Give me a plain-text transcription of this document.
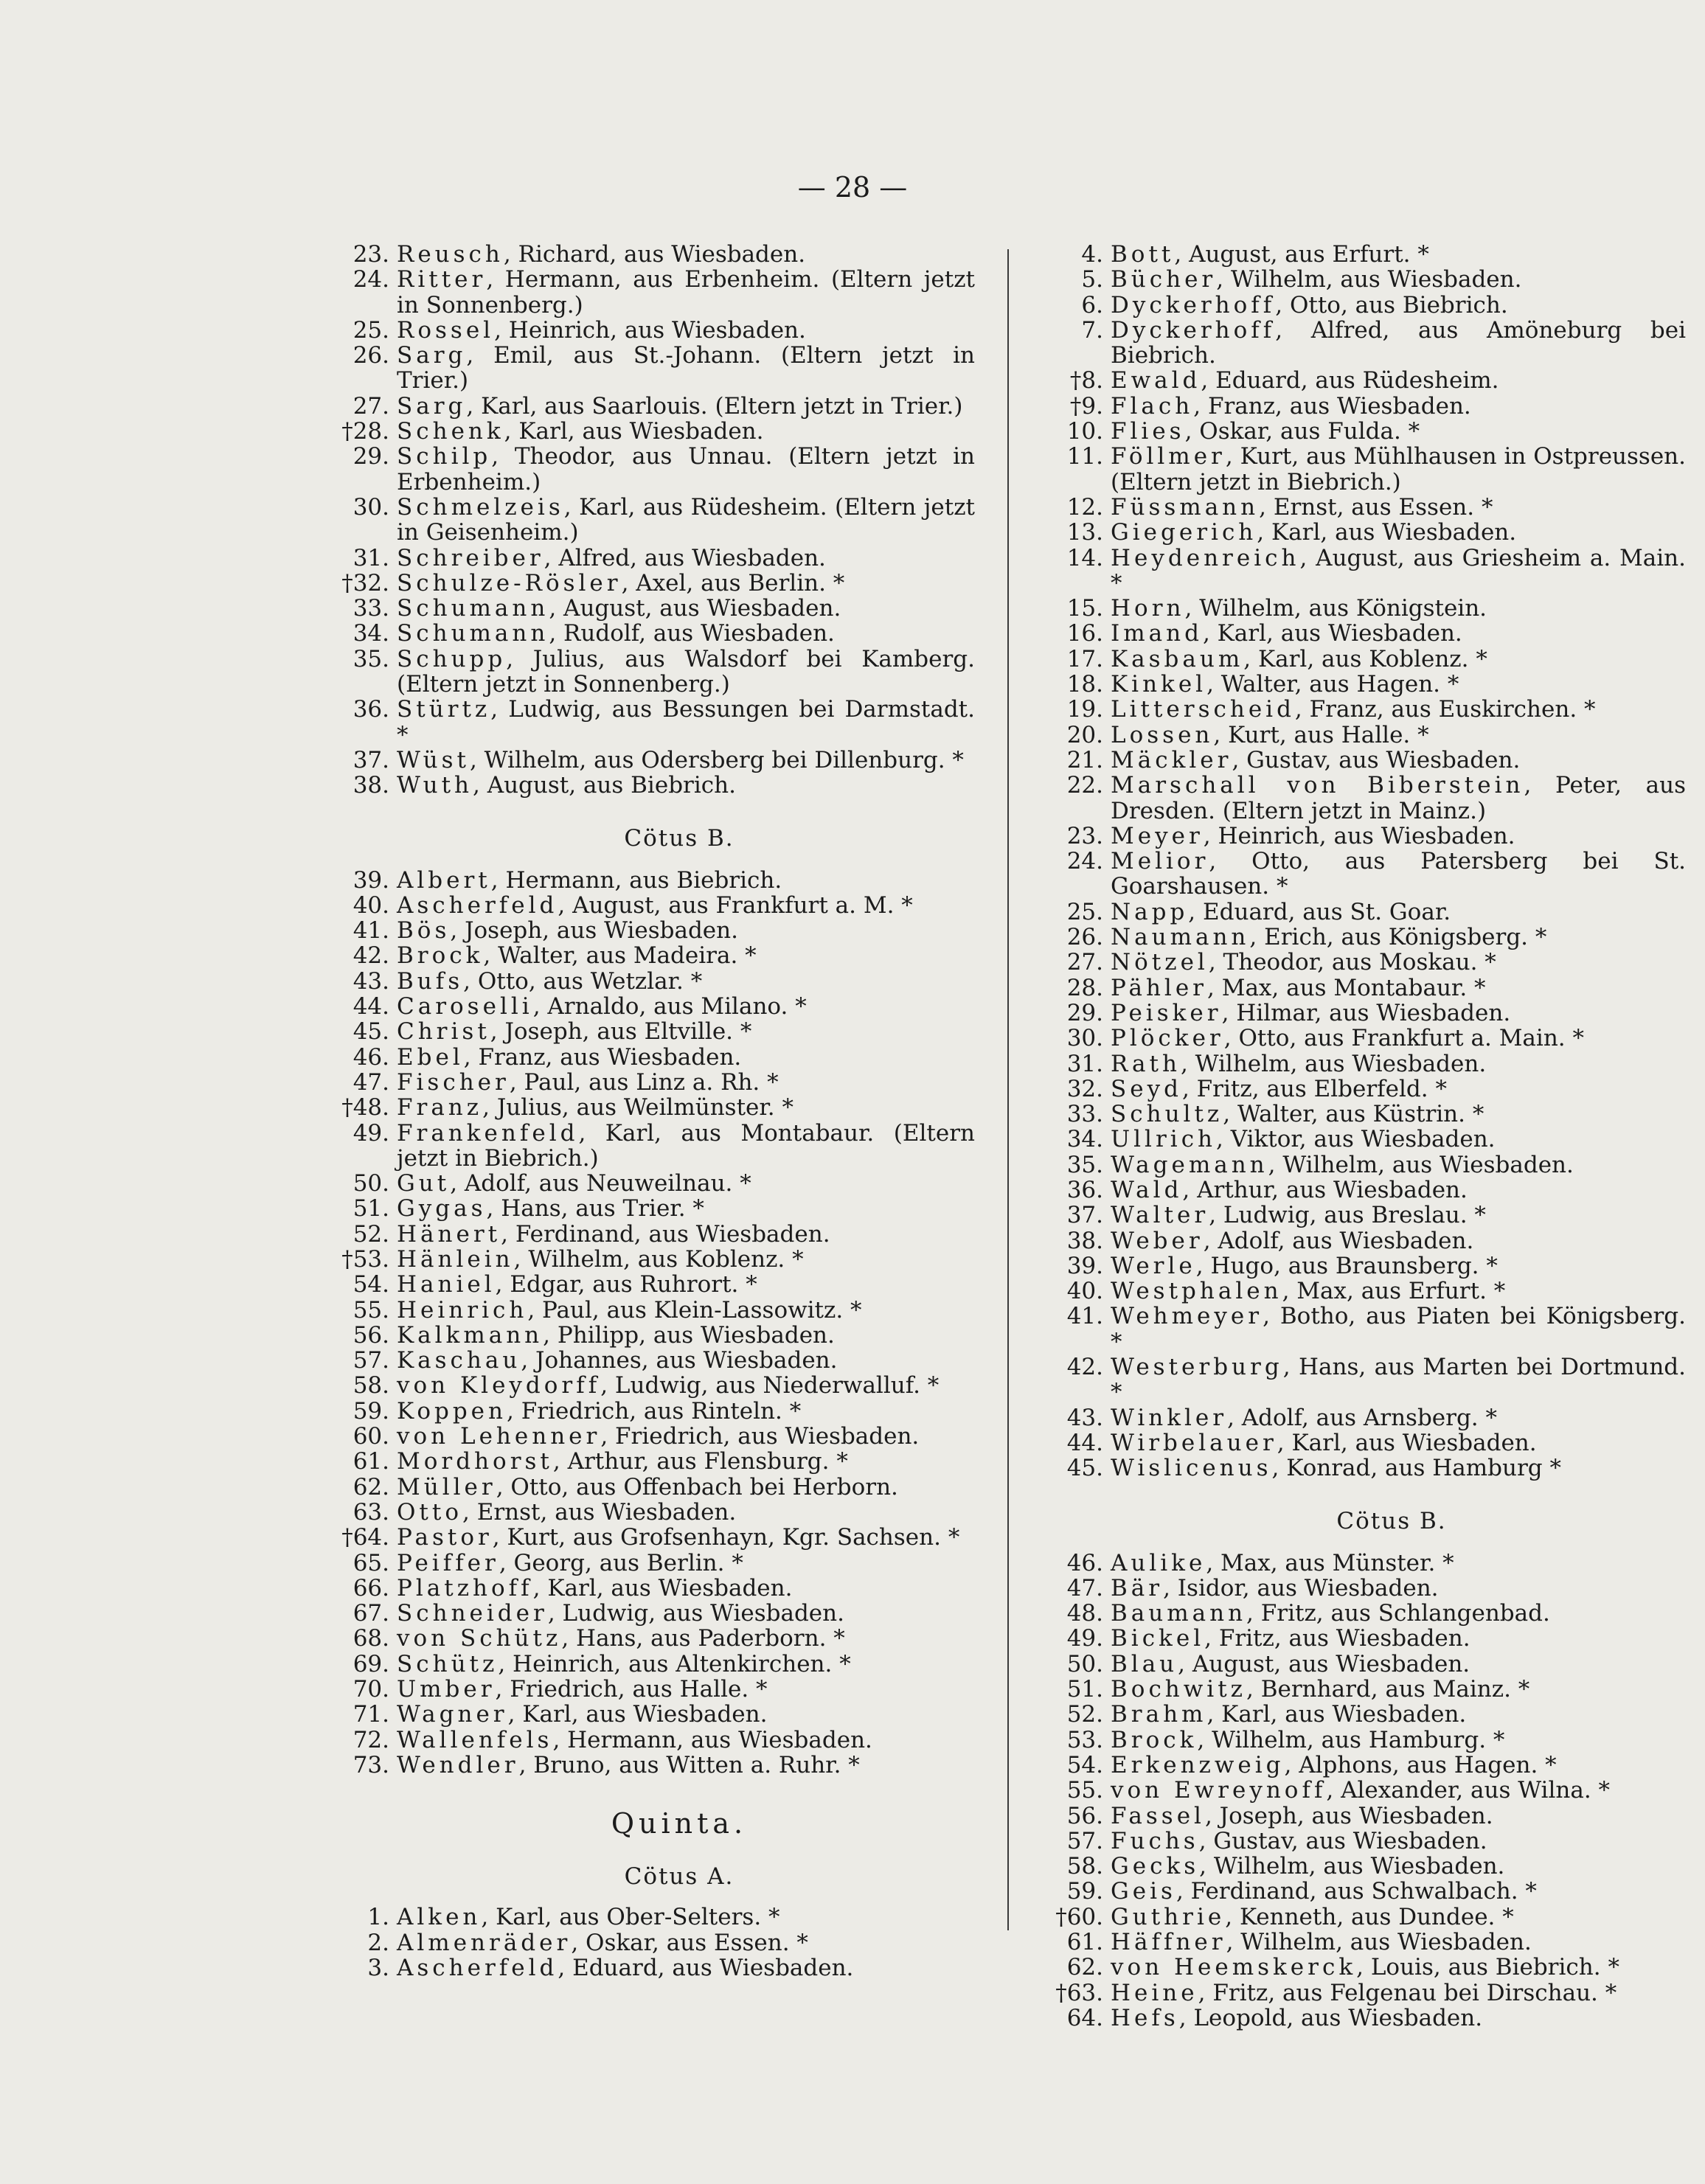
— 28 —
23. Reusch, Richard, aus Wiesbaden.
24. Ritter, Hermann, aus Erbenheim. (Eltern jetzt in Sonnenberg.)
25. Rossel, Heinrich, aus Wiesbaden.
26. Sarg, Emil, aus St.-Johann. (Eltern jetzt in Trier.)
27. Sarg, Karl, aus Saarlouis. (Eltern jetzt in Trier.)
†28. Schenk, Karl, aus Wiesbaden.
29. Schilp, Theodor, aus Unnau. (Eltern jetzt in Erbenheim.)
30. Schmelzeis, Karl, aus Rüdesheim. (Eltern jetzt in Geisenheim.)
31. Schreiber, Alfred, aus Wiesbaden.
†32. Schulze-Rösler, Axel, aus Berlin. *
33. Schumann, August, aus Wiesbaden.
34. Schumann, Rudolf, aus Wiesbaden.
35. Schupp, Julius, aus Walsdorf bei Kamberg. (Eltern jetzt in Sonnenberg.)
36. Stürtz, Ludwig, aus Bessungen bei Darmstadt. *
37. Wüst, Wilhelm, aus Odersberg bei Dillenburg. *
38. Wuth, August, aus Biebrich.
Cötus B.
39. Albert, Hermann, aus Biebrich.
40. Ascherfeld, August, aus Frankfurt a. M. *
41. Bös, Joseph, aus Wiesbaden.
42. Brock, Walter, aus Madeira. *
43. Bufs, Otto, aus Wetzlar. *
44. Caroselli, Arnaldo, aus Milano. *
45. Christ, Joseph, aus Eltville. *
46. Ebel, Franz, aus Wiesbaden.
47. Fischer, Paul, aus Linz a. Rh. *
†48. Franz, Julius, aus Weilmünster. *
49. Frankenfeld, Karl, aus Montabaur. (Eltern jetzt in Biebrich.)
50. Gut, Adolf, aus Neuweilnau. *
51. Gygas, Hans, aus Trier. *
52. Hänert, Ferdinand, aus Wiesbaden.
†53. Hänlein, Wilhelm, aus Koblenz. *
54. Haniel, Edgar, aus Ruhrort. *
55. Heinrich, Paul, aus Klein-Lassowitz. *
56. Kalkmann, Philipp, aus Wiesbaden.
57. Kaschau, Johannes, aus Wiesbaden.
58. von Kleydorff, Ludwig, aus Niederwalluf. *
59. Koppen, Friedrich, aus Rinteln. *
60. von Lehenner, Friedrich, aus Wiesbaden.
61. Mordhorst, Arthur, aus Flensburg. *
62. Müller, Otto, aus Offenbach bei Herborn.
63. Otto, Ernst, aus Wiesbaden.
†64. Pastor, Kurt, aus Grofsenhayn, Kgr. Sachsen. *
65. Peiffer, Georg, aus Berlin. *
66. Platzhoff, Karl, aus Wiesbaden.
67. Schneider, Ludwig, aus Wiesbaden.
68. von Schütz, Hans, aus Paderborn. *
69. Schütz, Heinrich, aus Altenkirchen. *
70. Umber, Friedrich, aus Halle. *
71. Wagner, Karl, aus Wiesbaden.
72. Wallenfels, Hermann, aus Wiesbaden.
73. Wendler, Bruno, aus Witten a. Ruhr. *
Quinta.
Cötus A.
1. Alken, Karl, aus Ober-Selters. *
2. Almenräder, Oskar, aus Essen. *
3. Ascherfeld, Eduard, aus Wiesbaden.
4. Bott, August, aus Erfurt. *
5. Bücher, Wilhelm, aus Wiesbaden.
6. Dyckerhoff, Otto, aus Biebrich.
7. Dyckerhoff, Alfred, aus Amöneburg bei Biebrich.
†8. Ewald, Eduard, aus Rüdesheim.
†9. Flach, Franz, aus Wiesbaden.
10. Flies, Oskar, aus Fulda. *
11. Föllmer, Kurt, aus Mühlhausen in Ostpreussen. (Eltern jetzt in Biebrich.)
12. Füssmann, Ernst, aus Essen. *
13. Giegerich, Karl, aus Wiesbaden.
14. Heydenreich, August, aus Griesheim a. Main. *
15. Horn, Wilhelm, aus Königstein.
16. Imand, Karl, aus Wiesbaden.
17. Kasbaum, Karl, aus Koblenz. *
18. Kinkel, Walter, aus Hagen. *
19. Litterscheid, Franz, aus Euskirchen. *
20. Lossen, Kurt, aus Halle. *
21. Mäckler, Gustav, aus Wiesbaden.
22. Marschall von Biberstein, Peter, aus Dresden. (Eltern jetzt in Mainz.)
23. Meyer, Heinrich, aus Wiesbaden.
24. Melior, Otto, aus Patersberg bei St. Goarshausen. *
25. Napp, Eduard, aus St. Goar.
26. Naumann, Erich, aus Königsberg. *
27. Nötzel, Theodor, aus Moskau. *
28. Pähler, Max, aus Montabaur. *
29. Peisker, Hilmar, aus Wiesbaden.
30. Plöcker, Otto, aus Frankfurt a. Main. *
31. Rath, Wilhelm, aus Wiesbaden.
32. Seyd, Fritz, aus Elberfeld. *
33. Schultz, Walter, aus Küstrin. *
34. Ullrich, Viktor, aus Wiesbaden.
35. Wagemann, Wilhelm, aus Wiesbaden.
36. Wald, Arthur, aus Wiesbaden.
37. Walter, Ludwig, aus Breslau. *
38. Weber, Adolf, aus Wiesbaden.
39. Werle, Hugo, aus Braunsberg. *
40. Westphalen, Max, aus Erfurt. *
41. Wehmeyer, Botho, aus Piaten bei Königsberg. *
42. Westerburg, Hans, aus Marten bei Dortmund. *
43. Winkler, Adolf, aus Arnsberg. *
44. Wirbelauer, Karl, aus Wiesbaden.
45. Wislicenus, Konrad, aus Hamburg *
Cötus B.
46. Aulike, Max, aus Münster. *
47. Bär, Isidor, aus Wiesbaden.
48. Baumann, Fritz, aus Schlangenbad.
49. Bickel, Fritz, aus Wiesbaden.
50. Blau, August, aus Wiesbaden.
51. Bochwitz, Bernhard, aus Mainz. *
52. Brahm, Karl, aus Wiesbaden.
53. Brock, Wilhelm, aus Hamburg. *
54. Erkenzweig, Alphons, aus Hagen. *
55. von Ewreynoff, Alexander, aus Wilna. *
56. Fassel, Joseph, aus Wiesbaden.
57. Fuchs, Gustav, aus Wiesbaden.
58. Gecks, Wilhelm, aus Wiesbaden.
59. Geis, Ferdinand, aus Schwalbach. *
†60. Guthrie, Kenneth, aus Dundee. *
61. Häffner, Wilhelm, aus Wiesbaden.
62. von Heemskerck, Louis, aus Biebrich. *
†63. Heine, Fritz, aus Felgenau bei Dirschau. *
64. Hefs, Leopold, aus Wiesbaden.
